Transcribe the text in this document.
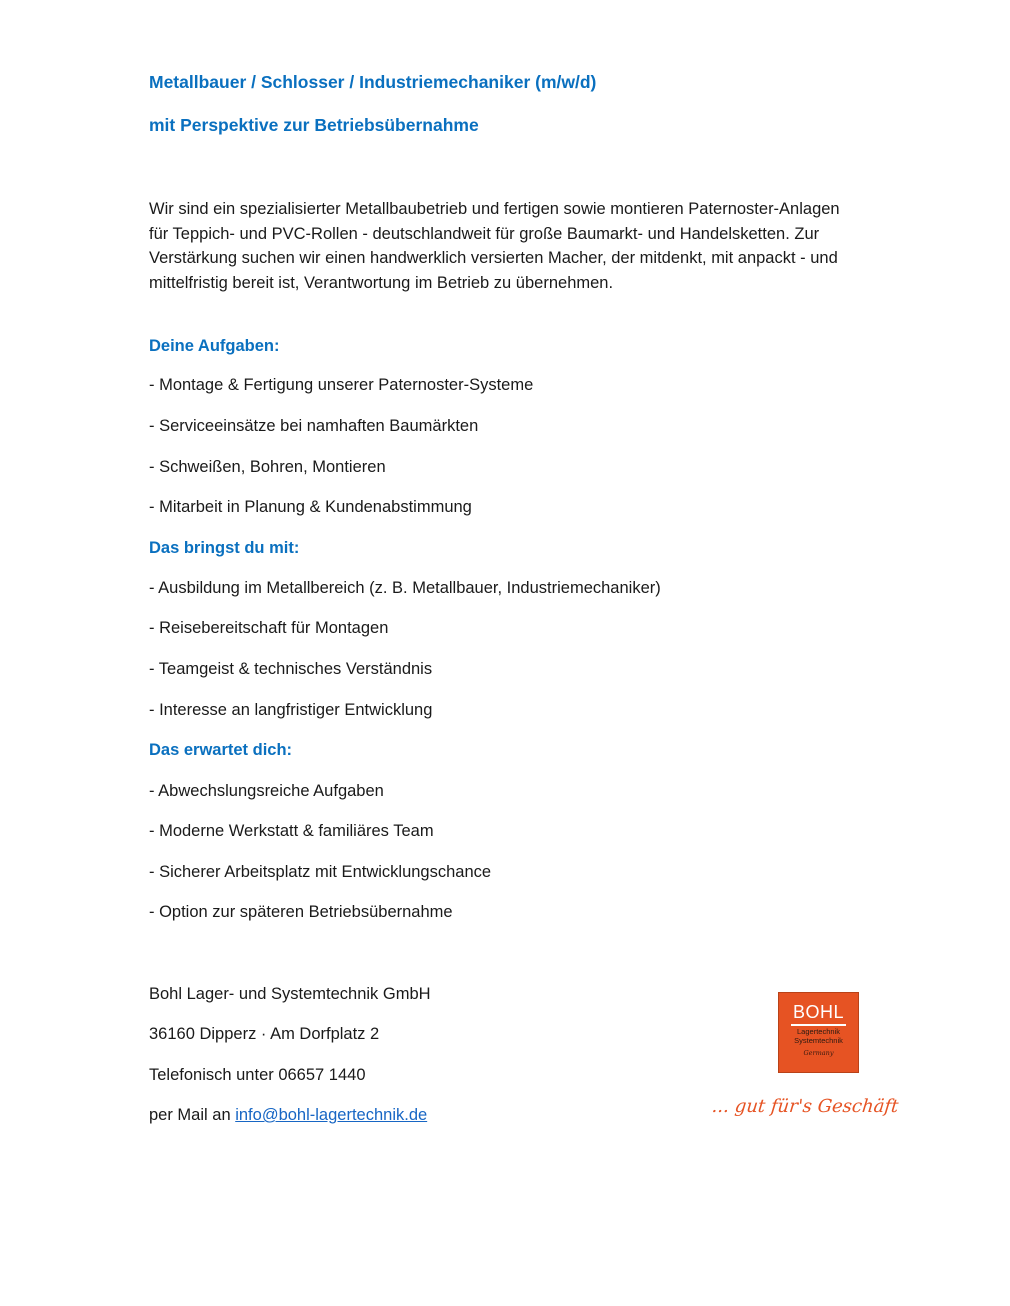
Metallbauer / Schlosser / Industriemechaniker (m/w/d)
mit Perspektive zur Betriebsübernahme
Wir sind ein spezialisierter Metallbaubetrieb und fertigen sowie montieren Paternoster-Anlagen für Teppich- und PVC-Rollen - deutschlandweit für große Baumarkt- und Handelsketten. Zur Verstärkung suchen wir einen handwerklich versierten Macher, der mitdenkt, mit anpackt - und mittelfristig bereit ist, Verantwortung im Betrieb zu übernehmen.
Deine Aufgaben:
- Montage & Fertigung unserer Paternoster-Systeme
- Serviceeinsätze bei namhaften Baumärkten
- Schweißen, Bohren, Montieren
- Mitarbeit in Planung & Kundenabstimmung
Das bringst du mit:
- Ausbildung im Metallbereich (z. B. Metallbauer, Industriemechaniker)
- Reisebereitschaft für Montagen
- Teamgeist & technisches Verständnis
- Interesse an langfristiger Entwicklung
Das erwartet dich:
- Abwechslungsreiche Aufgaben
- Moderne Werkstatt & familiäres Team
- Sicherer Arbeitsplatz mit Entwicklungschance
- Option zur späteren Betriebsübernahme
Bohl Lager- und Systemtechnik GmbH
36160 Dipperz · Am Dorfplatz 2
Telefonisch unter 06657 1440
per Mail an info@bohl-lagertechnik.de
BOHL
Lagertechnik
Systemtechnik
Germany
... gut für's Geschäft
